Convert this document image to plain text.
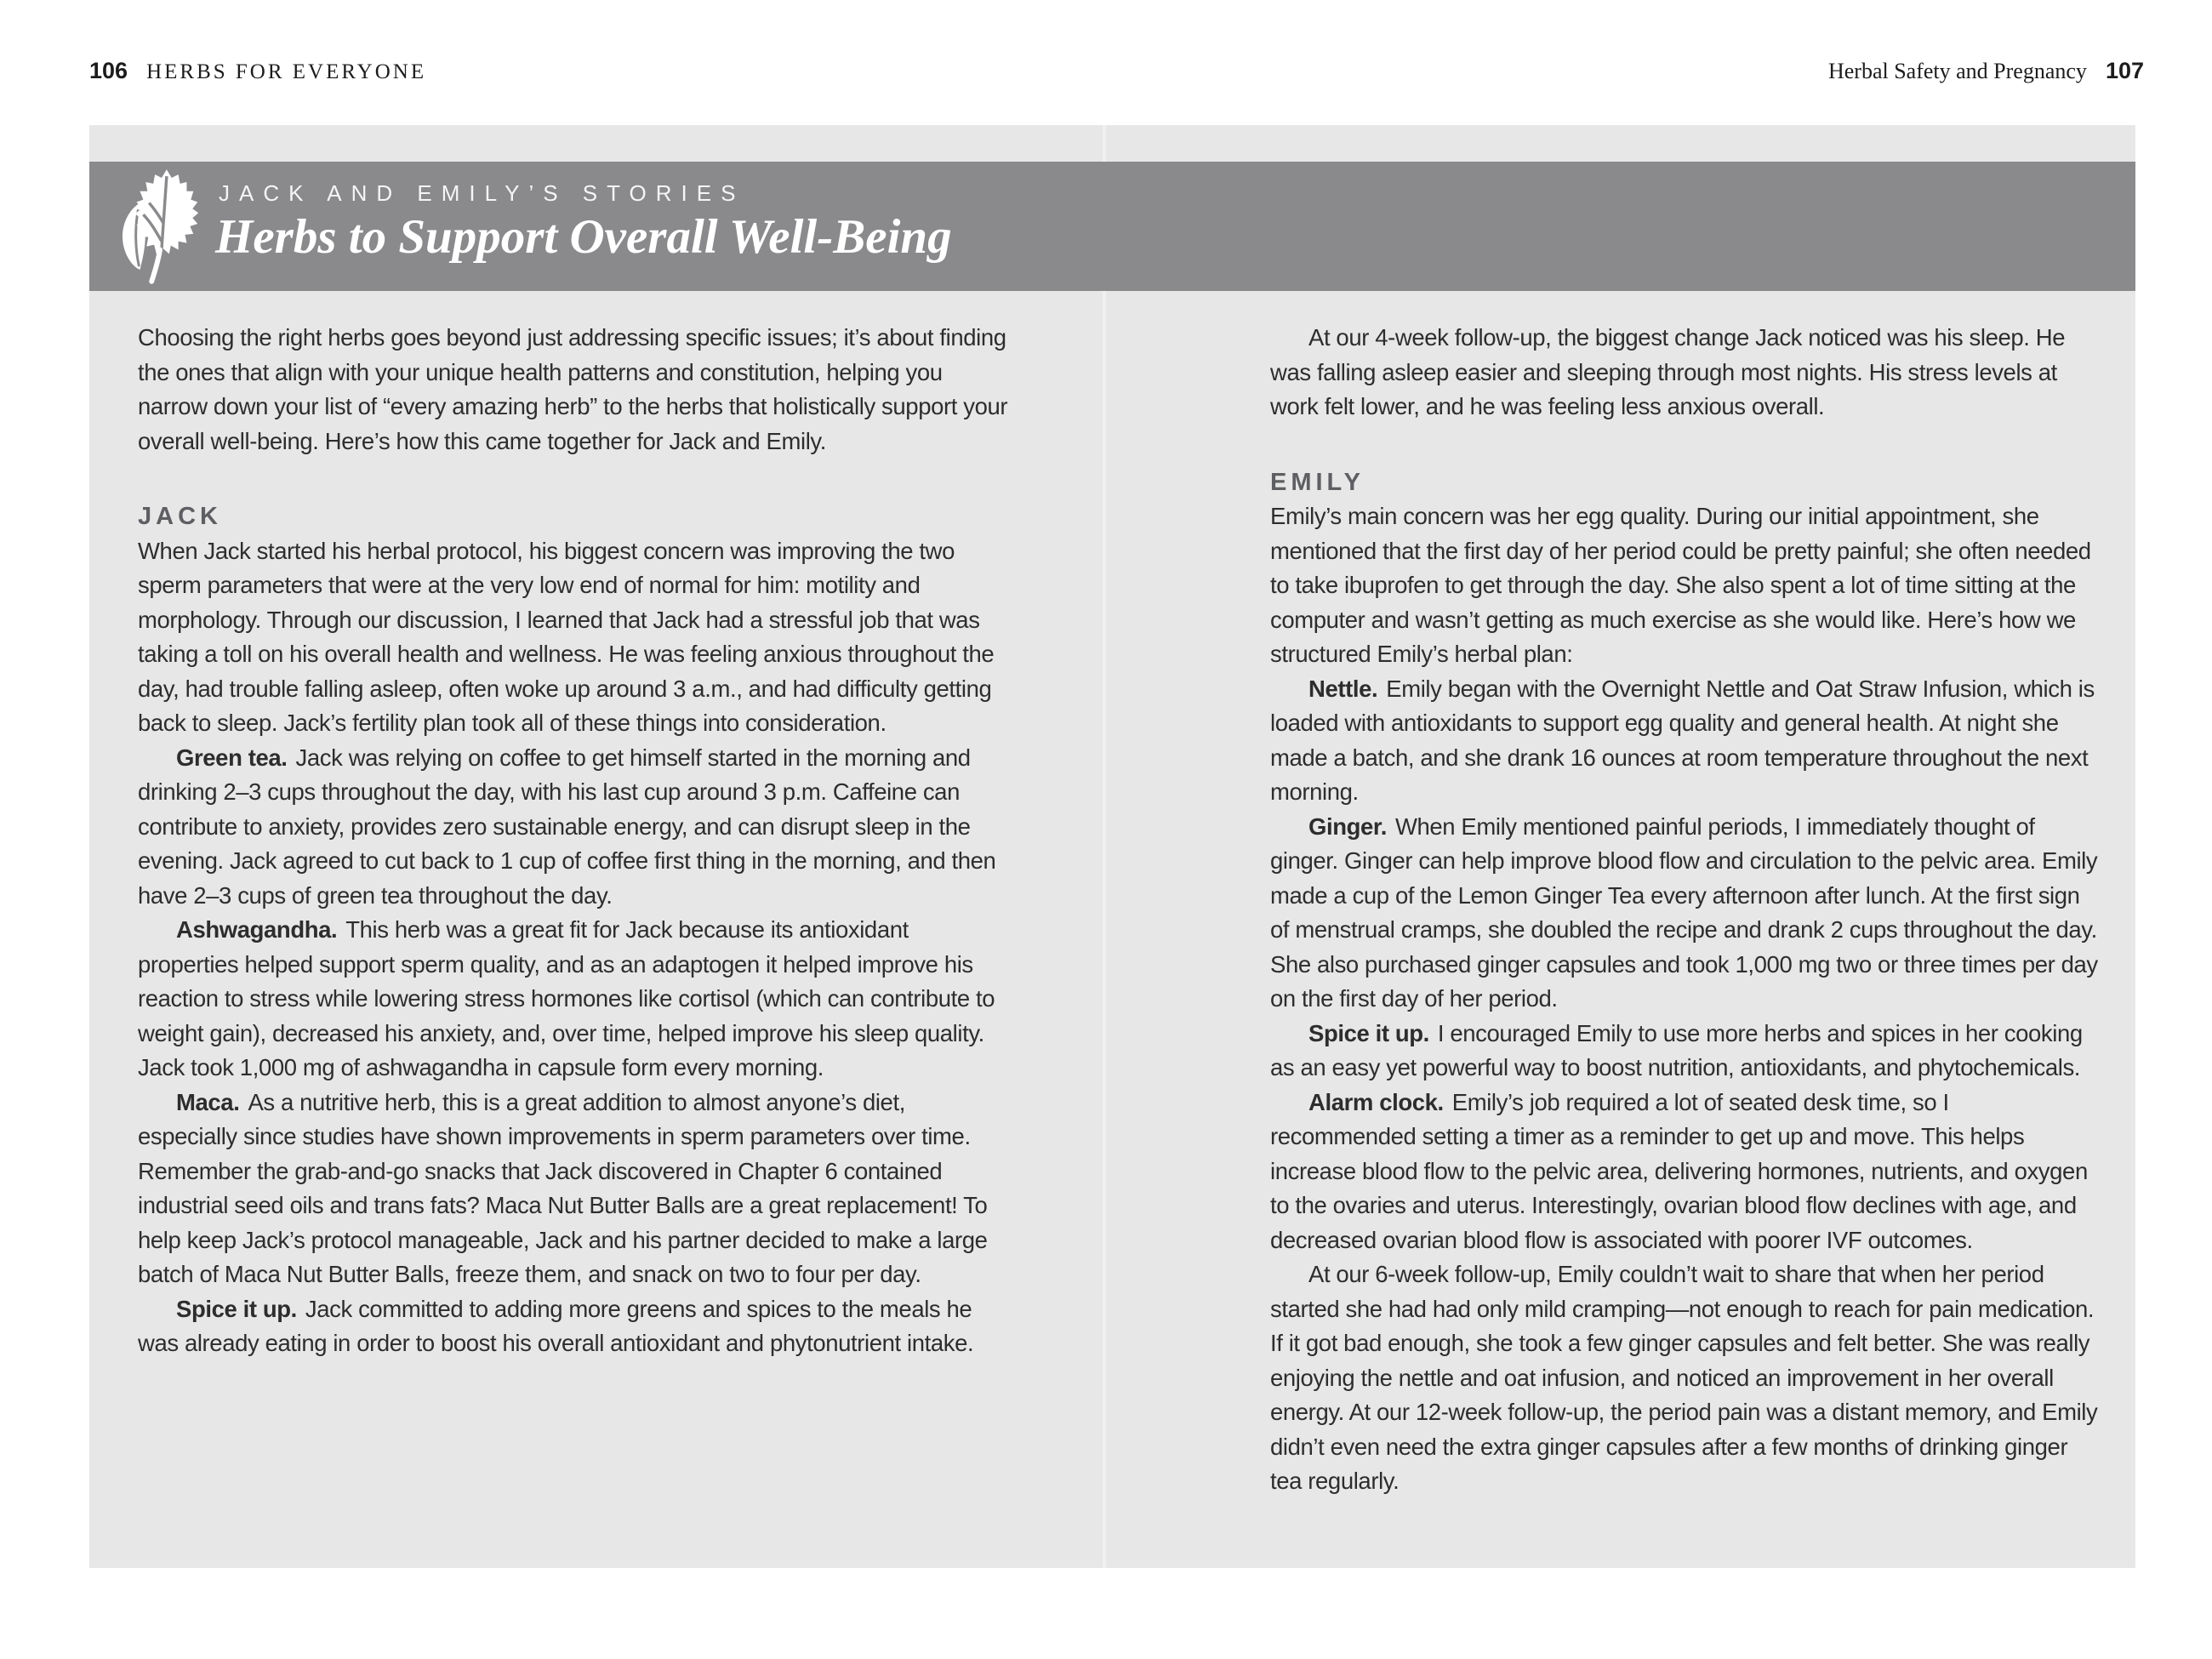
106 HERBS FOR EVERYONE	Herbal Safety and Pregnancy 107
JACK AND EMILY’S STORIES
Herbs to Support Overall Well-Being

Choosing the right herbs goes beyond just addressing specific issues; it’s about finding the ones that align with your unique health patterns and constitution, helping you narrow down your list of “every amazing herb” to the herbs that holistically support your overall well-being. Here’s how this came together for Jack and Emily.

JACK

When Jack started his herbal protocol, his biggest concern was improving the two sperm parameters that were at the very low end of normal for him: motility and morphology. Through our discussion, I learned that Jack had a stressful job that was taking a toll on his overall health and wellness. He was feeling anxious throughout the day, had trouble falling asleep, often woke up around 3 a.m., and had difficulty getting back to sleep. Jack’s fertility plan took all of these things into consideration.

Green tea. Jack was relying on coffee to get himself started in the morning and drinking 2–3 cups throughout the day, with his last cup around 3 p.m. Caffeine can contribute to anxiety, provides zero sustainable energy, and can disrupt sleep in the evening. Jack agreed to cut back to 1 cup of coffee first thing in the morning, and then have 2–3 cups of green tea throughout the day.

Ashwagandha. This herb was a great fit for Jack because its antioxidant properties helped support sperm quality, and as an adaptogen it helped improve his reaction to stress while lowering stress hormones like cortisol (which can contribute to weight gain), decreased his anxiety, and, over time, helped improve his sleep quality. Jack took 1,000 mg of ashwagandha in capsule form every morning.

Maca. As a nutritive herb, this is a great addition to almost anyone’s diet, especially since studies have shown improvements in sperm parameters over time. Remember the grab-and-go snacks that Jack discovered in Chapter 6 contained industrial seed oils and trans fats? Maca Nut Butter Balls are a great replacement! To help keep Jack’s protocol manageable, Jack and his partner decided to make a large batch of Maca Nut Butter Balls, freeze them, and snack on two to four per day.

Spice it up. Jack committed to adding more greens and spices to the meals he was already eating in order to boost his overall antioxidant and phytonutrient intake.

At our 4-week follow-up, the biggest change Jack noticed was his sleep. He was falling asleep easier and sleeping through most nights. His stress levels at work felt lower, and he was feeling less anxious overall.

EMILY

Emily’s main concern was her egg quality. During our initial appointment, she mentioned that the first day of her period could be pretty painful; she often needed to take ibuprofen to get through the day. She also spent a lot of time sitting at the computer and wasn’t getting as much exercise as she would like. Here’s how we structured Emily’s herbal plan:

Nettle. Emily began with the Overnight Nettle and Oat Straw Infusion, which is loaded with antioxidants to support egg quality and general health. At night she made a batch, and she drank 16 ounces at room temperature throughout the next morning.

Ginger. When Emily mentioned painful periods, I immediately thought of ginger. Ginger can help improve blood flow and circulation to the pelvic area. Emily made a cup of the Lemon Ginger Tea every afternoon after lunch. At the first sign of menstrual cramps, she doubled the recipe and drank 2 cups throughout the day. She also purchased ginger capsules and took 1,000 mg two or three times per day on the first day of her period.

Spice it up. I encouraged Emily to use more herbs and spices in her cooking as an easy yet powerful way to boost nutrition, antioxidants, and phytochemicals.

Alarm clock. Emily’s job required a lot of seated desk time, so I recommended setting a timer as a reminder to get up and move. This helps increase blood flow to the pelvic area, delivering hormones, nutrients, and oxygen to the ovaries and uterus. Interestingly, ovarian blood flow declines with age, and decreased ovarian blood flow is associated with poorer IVF outcomes.

At our 6-week follow-up, Emily couldn’t wait to share that when her period started she had had only mild cramping—not enough to reach for pain medication. If it got bad enough, she took a few ginger capsules and felt better. She was really enjoying the nettle and oat infusion, and noticed an improvement in her overall energy. At our 12-week follow-up, the period pain was a distant memory, and Emily didn’t even need the extra ginger capsules after a few months of drinking ginger tea regularly.
